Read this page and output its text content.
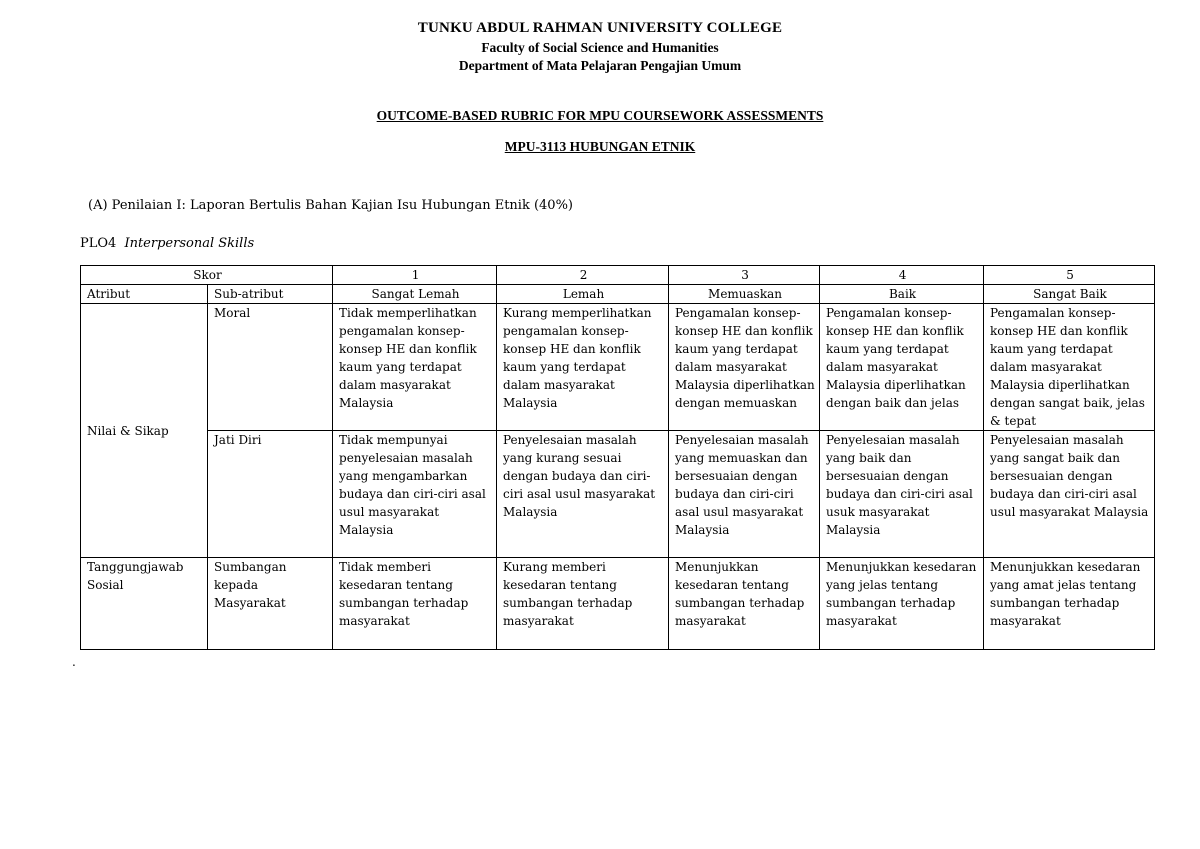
TUNKU ABDUL RAHMAN UNIVERSITY COLLEGE
Faculty of Social Science and Humanities
Department of Mata Pelajaran Pengajian Umum
OUTCOME-BASED RUBRIC FOR MPU COURSEWORK ASSESSMENTS
MPU-3113 HUBUNGAN ETNIK
(A) Penilaian I: Laporan Bertulis Bahan Kajian Isu Hubungan Etnik (40%)
PLO4 Interpersonal Skills
Skor		1	2	3	4	5
Atribut	Sub-atribut	Sangat Lemah	Lemah	Memuaskan	Baik	Sangat Baik
Nilai & Sikap	Moral	Tidak memperlihatkan pengamalan konsep-konsep HE dan konflik kaum yang terdapat dalam masyarakat Malaysia	Kurang memperlihatkan pengamalan konsep-konsep HE dan konflik kaum yang terdapat dalam masyarakat Malaysia	Pengamalan konsep-konsep HE dan konflik kaum yang terdapat dalam masyarakat Malaysia diperlihatkan dengan memuaskan	Pengamalan konsep-konsep HE dan konflik kaum yang terdapat dalam masyarakat Malaysia diperlihatkan dengan baik dan jelas	Pengamalan konsep-konsep HE dan konflik kaum yang terdapat dalam masyarakat Malaysia diperlihatkan dengan sangat baik, jelas & tepat
	Jati Diri	Tidak mempunyai penyelesaian masalah yang mengambarkan budaya dan ciri-ciri asal usul masyarakat Malaysia	Penyelesaian masalah yang kurang sesuai dengan budaya dan ciri-ciri asal usul masyarakat Malaysia	Penyelesaian masalah yang memuaskan dan bersesuaian dengan budaya dan ciri-ciri asal usul masyarakat Malaysia	Penyelesaian masalah yang baik dan bersesuaian dengan budaya dan ciri-ciri asal usuk masyarakat Malaysia	Penyelesaian masalah yang sangat baik dan bersesuaian dengan budaya dan ciri-ciri asal usul masyarakat Malaysia
Tanggungjawab Sosial	Sumbangan kepada Masyarakat	Tidak memberi kesedaran tentang sumbangan terhadap masyarakat	Kurang memberi kesedaran tentang sumbangan terhadap masyarakat	Menunjukkan kesedaran tentang sumbangan terhadap masyarakat	Menunjukkan kesedaran yang jelas tentang sumbangan terhadap masyarakat	Menunjukkan kesedaran yang amat jelas tentang sumbangan terhadap masyarakat
.
